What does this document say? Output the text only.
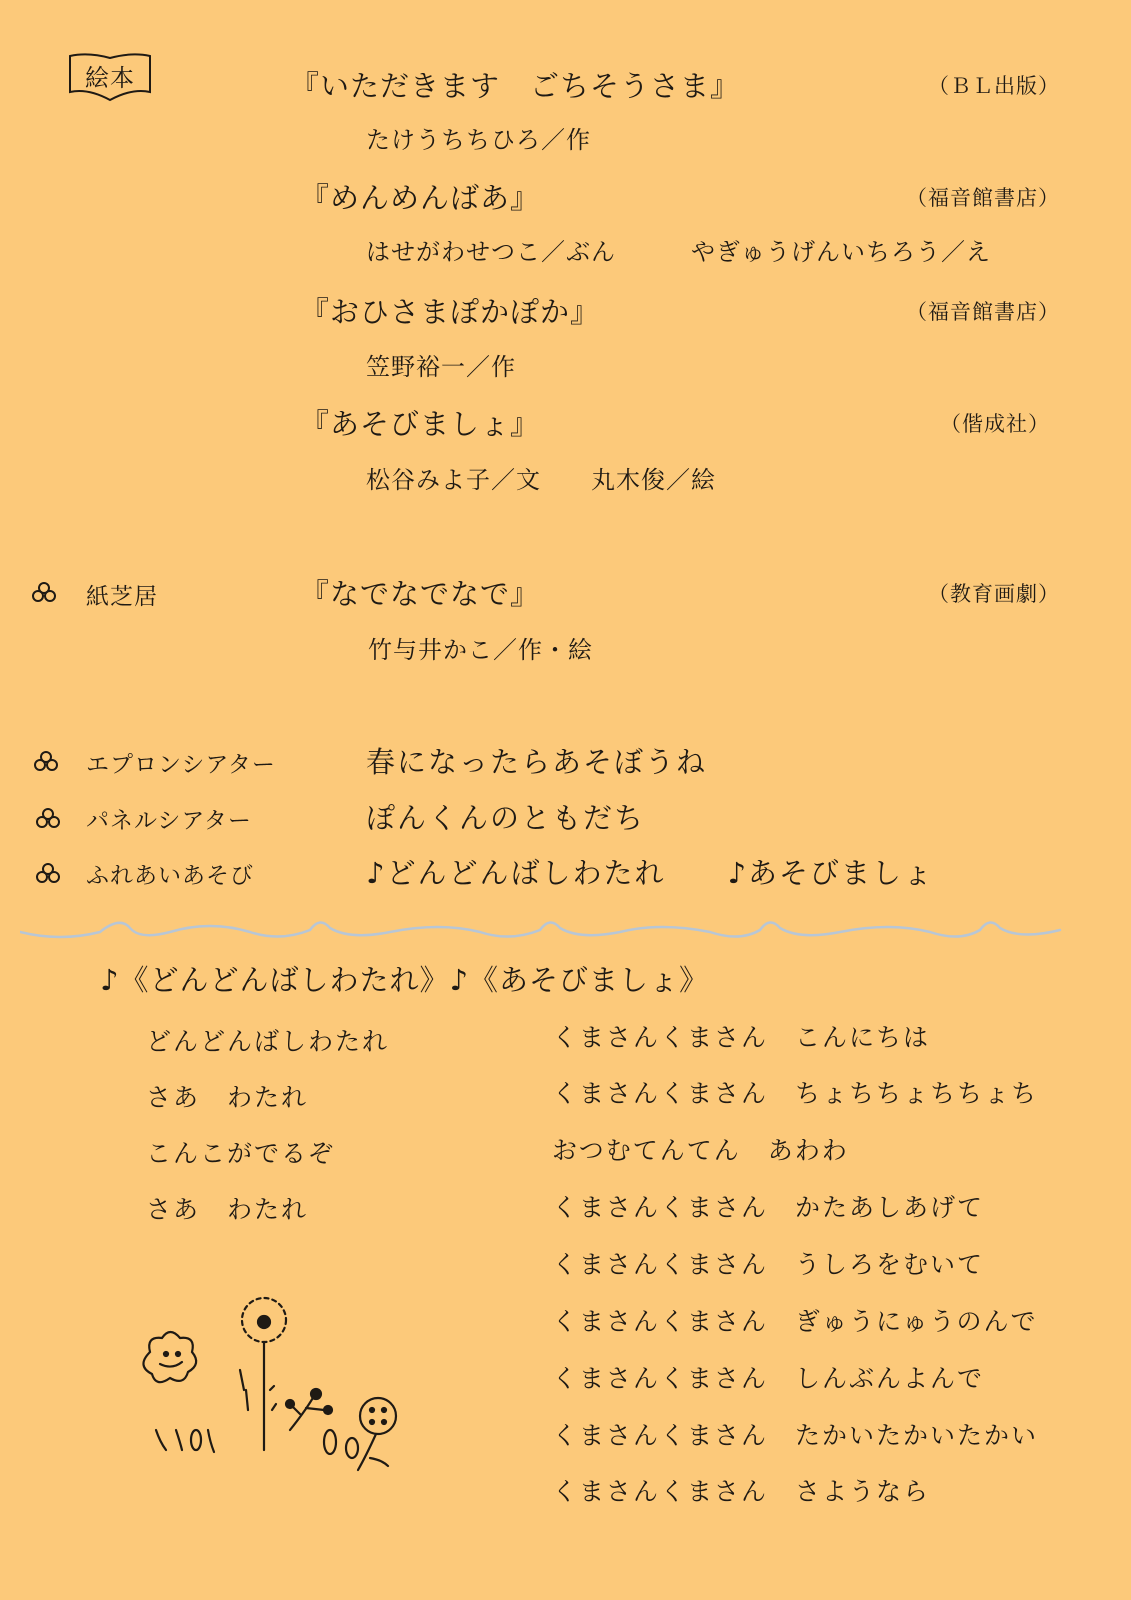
絵本	『いただきます　ごちそうさま』	（ＢＬ出版）
たけうちちひろ／作
『めんめんばあ』	（福音館書店）
はせがわせつこ／ぶん　　　やぎゅうげんいちろう／え
『おひさまぽかぽか』	（福音館書店）
笠野裕一／作
『あそびましょ』	（偕成社）
松谷みよ子／文　　丸木俊／絵
紙芝居	『なでなでなで』	（教育画劇）
竹与井かこ／作・絵
エプロンシアター	春になったらあそぼうね
パネルシアター	ぽんくんのともだち
ふれあいあそび	♪どんどんばしわたれ　　♪あそびましょ
♪《どんどんばしわたれ》♪《あそびましょ》
どんどんばしわたれ
さあ　わたれ
こんこがでるぞ
さあ　わたれ
くまさんくまさん　こんにちは
くまさんくまさん　ちょちちょちちょち
おつむてんてん　あわわ
くまさんくまさん　かたあしあげて
くまさんくまさん　うしろをむいて
くまさんくまさん　ぎゅうにゅうのんで
くまさんくまさん　しんぶんよんで
くまさんくまさん　たかいたかいたかい
くまさんくまさん　さようなら
